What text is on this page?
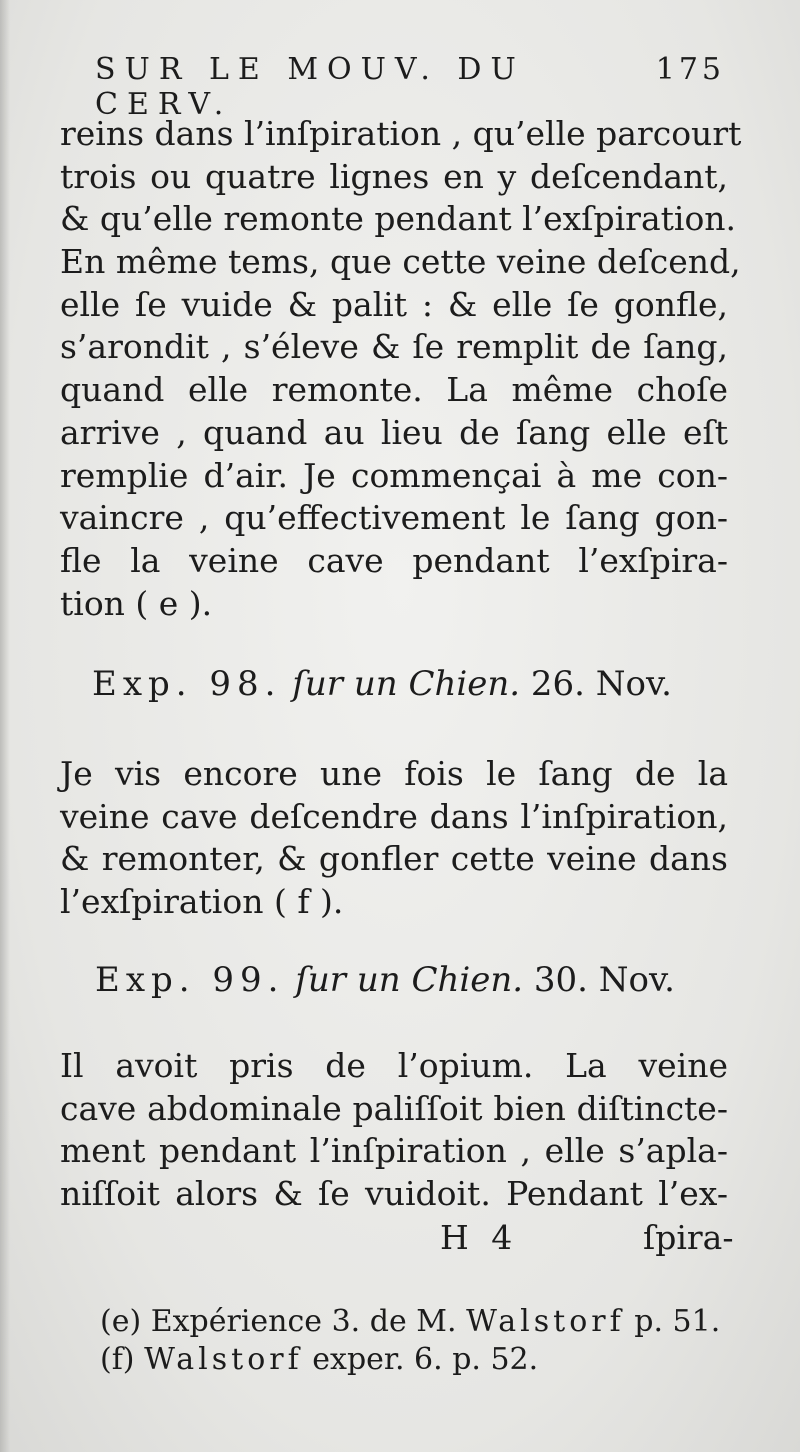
SUR LE MOUV. DU CERV.
175
reins dans l’inſpiration , qu’elle parcourt
trois ou quatre lignes en y deſcendant,
& qu’elle remonte pendant l’exſpiration.
En même tems, que cette veine deſcend,
elle ſe vuide & palit : & elle ſe gonfle,
s’arondit , s’éleve & ſe remplit de ſang,
quand elle remonte. La même choſe
arrive , quand au lieu de ſang elle eſt
remplie d’air. Je commençai à me con-
vaincre , qu’effectivement le ſang gon-
fle la veine cave pendant l’exſpira-
tion ( e ).
Exp. 98. ſur un Chien. 26. Nov.
Je vis encore une fois le ſang de la
veine cave deſcendre dans l’inſpiration,
& remonter, & gonfler cette veine dans
l’exſpiration ( f ).
Exp. 99. ſur un Chien. 30. Nov.
Il avoit pris de l’opium. La veine
cave abdominale paliſſoit bien diſtincte-
ment pendant l’inſpiration , elle s’apla-
niſſoit alors & ſe vuidoit. Pendant l’ex-
H 4	ſpira-
(e) Expérience 3. de M. Walstorf p. 51.
(f) Walstorf exper. 6. p. 52.
